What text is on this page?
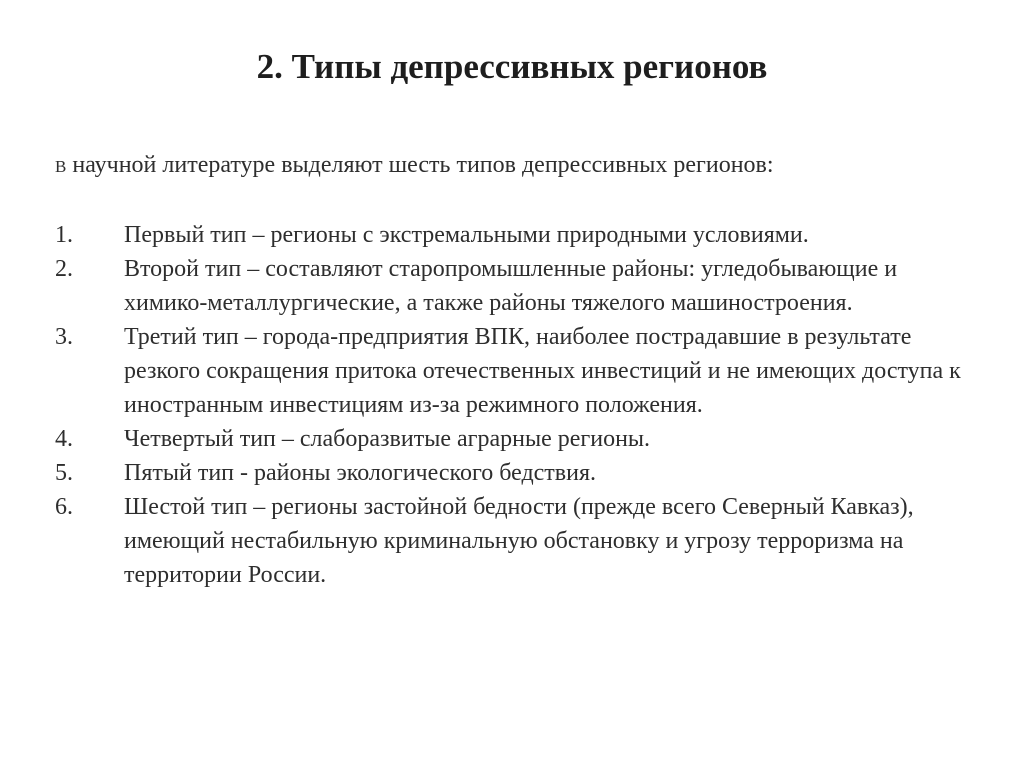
2. Типы депрессивных регионов
В научной литературе выделяют шесть типов депрессивных регионов:
1.	Первый тип – регионы с экстремальными природными условиями.
2.	Второй тип – составляют старопромышленные районы: угледобывающие и химико-металлургические, а также районы тяжелого машиностроения.
3.	Третий тип – города-предприятия ВПК, наиболее пострадавшие в результате резкого сокращения притока отечественных инвестиций и не имеющих доступа к иностранным инвестициям из-за режимного положения.
4.	Четвертый тип – слаборазвитые аграрные регионы.
5.	Пятый тип - районы экологического бедствия.
6.	Шестой тип – регионы застойной бедности (прежде всего Северный Кавказ), имеющий нестабильную криминальную обстановку и угрозу терроризма на территории России.
